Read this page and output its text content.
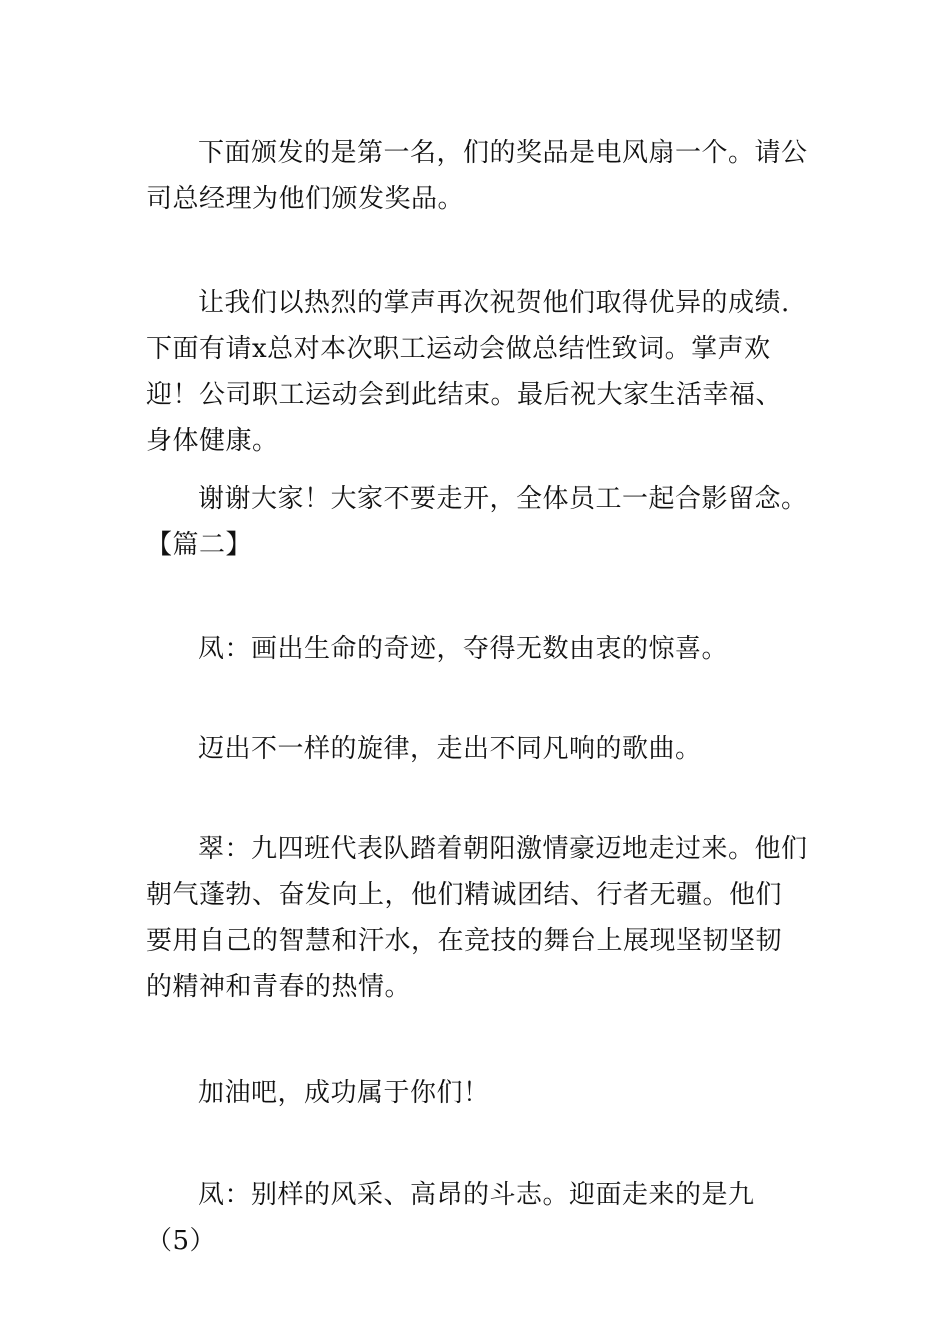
下面颁发的是第一名，们的奖品是电风扇一个。请公司总经理为他们颁发奖品。

让我们以热烈的掌声再次祝贺他们取得优异的成绩.下面有请x总对本次职工运动会做总结性致词。掌声欢迎！公司职工运动会到此结束。最后祝大家生活幸福、身体健康。

谢谢大家！大家不要走开，全体员工一起合影留念。

【篇二】

凤：画出生命的奇迹，夺得无数由衷的惊喜。

迈出不一样的旋律，走出不同凡响的歌曲。

翠：九四班代表队踏着朝阳激情豪迈地走过来。他们朝气蓬勃、奋发向上，他们精诚团结、行者无疆。他们要用自己的智慧和汗水，在竞技的舞台上展现坚韧坚韧的精神和青春的热情。

加油吧，成功属于你们！

凤：别样的风采、高昂的斗志。迎面走来的是九（5）
